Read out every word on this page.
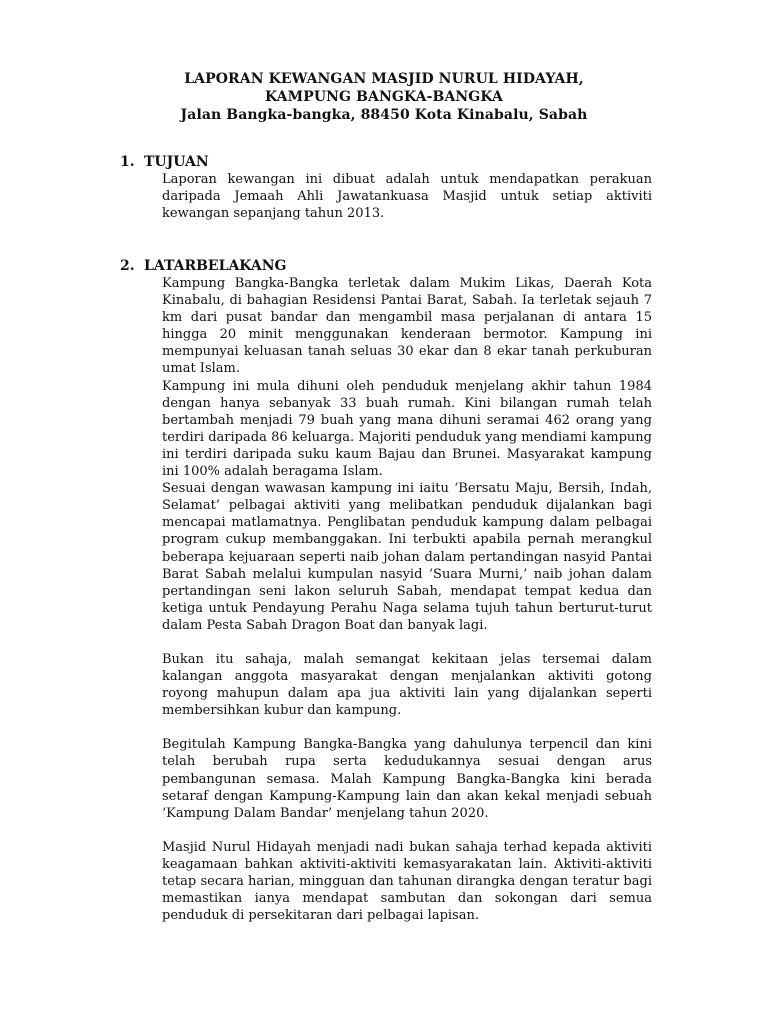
LAPORAN KEWANGAN MASJID NURUL HIDAYAH,
KAMPUNG BANGKA-BANGKA
Jalan Bangka-bangka, 88450 Kota Kinabalu, Sabah
1. TUJUAN

Laporan kewangan ini dibuat adalah untuk mendapatkan perakuan daripada Jemaah Ahli Jawatankuasa Masjid untuk setiap aktiviti kewangan sepanjang tahun 2013.

2. LATARBELAKANG

Kampung Bangka-Bangka terletak dalam Mukim Likas, Daerah Kota Kinabalu, di bahagian Residensi Pantai Barat, Sabah. Ia terletak sejauh 7 km dari pusat bandar dan mengambil masa perjalanan di antara 15 hingga 20 minit menggunakan kenderaan bermotor. Kampung ini mempunyai keluasan tanah seluas 30 ekar dan 8 ekar tanah perkuburan umat Islam.

Kampung ini mula dihuni oleh penduduk menjelang akhir tahun 1984 dengan hanya sebanyak 33 buah rumah. Kini bilangan rumah telah bertambah menjadi 79 buah yang mana dihuni seramai 462 orang yang terdiri daripada 86 keluarga. Majoriti penduduk yang mendiami kampung ini terdiri daripada suku kaum Bajau dan Brunei. Masyarakat kampung ini 100% adalah beragama Islam.

Sesuai dengan wawasan kampung ini iaitu ‘Bersatu Maju, Bersih, Indah, Selamat’ pelbagai aktiviti yang melibatkan penduduk dijalankan bagi mencapai matlamatnya. Penglibatan penduduk kampung dalam pelbagai program cukup membanggakan. Ini terbukti apabila pernah merangkul beberapa kejuaraan seperti naib johan dalam pertandingan nasyid Pantai Barat Sabah melalui kumpulan nasyid ‘Suara Murni,’ naib johan dalam pertandingan seni lakon seluruh Sabah, mendapat tempat kedua dan ketiga untuk Pendayung Perahu Naga selama tujuh tahun berturut-turut dalam Pesta Sabah Dragon Boat dan banyak lagi.

Bukan itu sahaja, malah semangat kekitaan jelas tersemai dalam kalangan anggota masyarakat dengan menjalankan aktiviti gotong royong mahupun dalam apa jua aktiviti lain yang dijalankan seperti membersihkan kubur dan kampung.

Begitulah Kampung Bangka-Bangka yang dahulunya terpencil dan kini telah berubah rupa serta kedudukannya sesuai dengan arus pembangunan semasa. Malah Kampung Bangka-Bangka kini berada setaraf dengan Kampung-Kampung lain dan akan kekal menjadi sebuah ‘Kampung Dalam Bandar’ menjelang tahun 2020.

Masjid Nurul Hidayah menjadi nadi bukan sahaja terhad kepada aktiviti keagamaan bahkan aktiviti-aktiviti kemasyarakatan lain. Aktiviti-aktiviti tetap secara harian, mingguan dan tahunan dirangka dengan teratur bagi memastikan ianya mendapat sambutan dan sokongan dari semua penduduk di persekitaran dari pelbagai lapisan.
